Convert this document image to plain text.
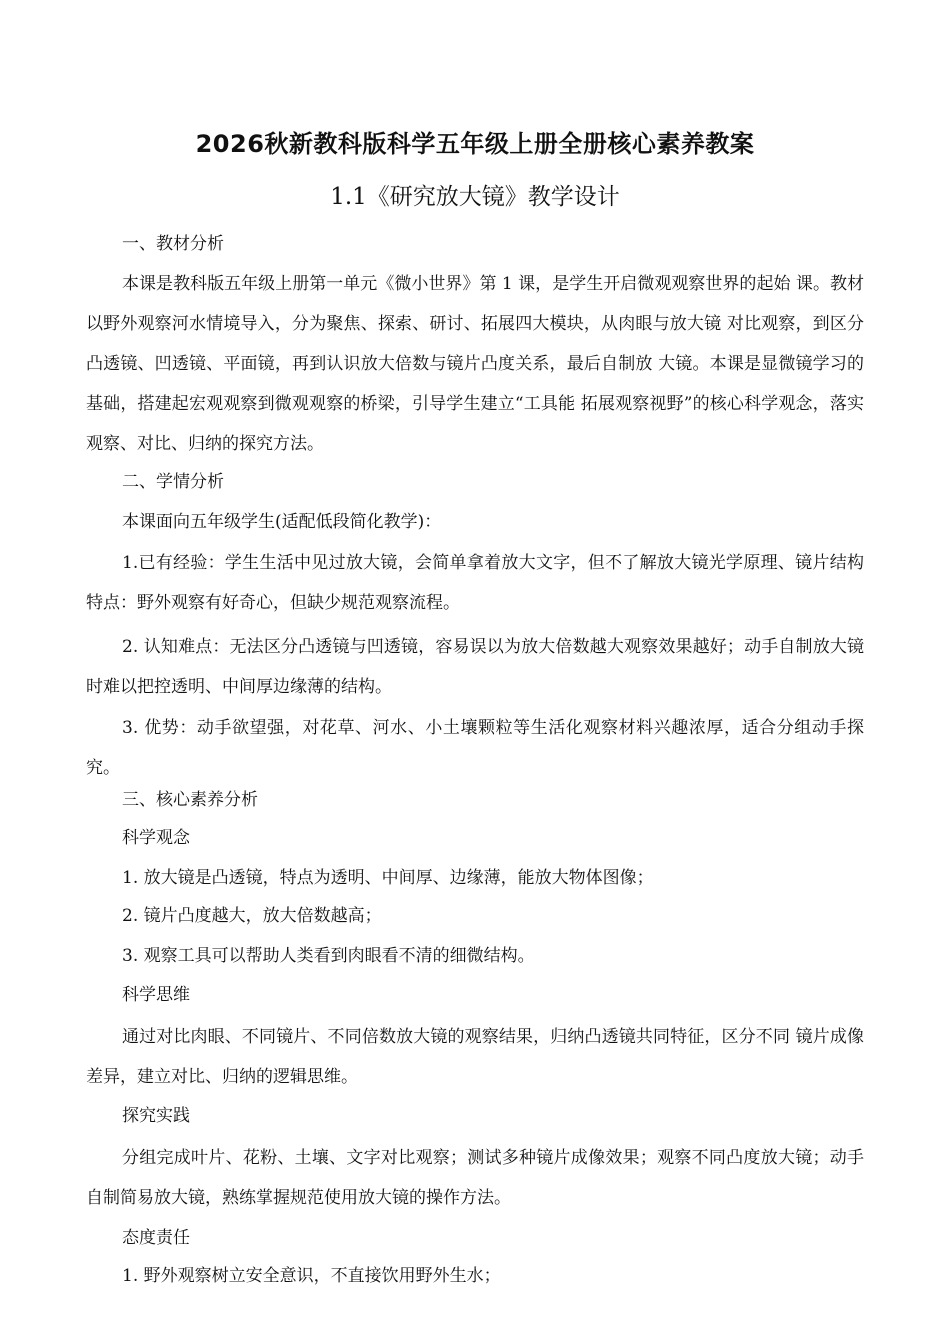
2026秋新教科版科学五年级上册全册核心素养教案
1.1《研究放大镜》教学设计
一、教材分析
本课是教科版五年级上册第一单元《微小世界》第 1 课，是学生开启微观观察世界的起始 课。教材以野外观察河水情境导入，分为聚焦、探索、研讨、拓展四大模块，从肉眼与放大镜 对比观察，到区分凸透镜、凹透镜、平面镜，再到认识放大倍数与镜片凸度关系，最后自制放 大镜。本课是显微镜学习的基础，搭建起宏观观察到微观观察的桥梁，引导学生建立“工具能 拓展观察视野”的核心科学观念，落实观察、对比、归纳的探究方法。
二、学情分析
本课面向五年级学生(适配低段简化教学)：
1.已有经验：学生生活中见过放大镜，会简单拿着放大文字，但不了解放大镜光学原理、镜片结构特点：野外观察有好奇心，但缺少规范观察流程。
2. 认知难点：无法区分凸透镜与凹透镜，容易误以为放大倍数越大观察效果越好；动手自制放大镜时难以把控透明、中间厚边缘薄的结构。
3. 优势：动手欲望强，对花草、河水、小土壤颗粒等生活化观察材料兴趣浓厚，适合分组动手探究。
三、核心素养分析
科学观念
1. 放大镜是凸透镜，特点为透明、中间厚、边缘薄，能放大物体图像；
2. 镜片凸度越大，放大倍数越高；
3. 观察工具可以帮助人类看到肉眼看不清的细微结构。
科学思维
通过对比肉眼、不同镜片、不同倍数放大镜的观察结果，归纳凸透镜共同特征，区分不同 镜片成像差异，建立对比、归纳的逻辑思维。
探究实践
分组完成叶片、花粉、土壤、文字对比观察；测试多种镜片成像效果；观察不同凸度放大镜；动手自制简易放大镜，熟练掌握规范使用放大镜的操作方法。
态度责任
1. 野外观察树立安全意识，不直接饮用野外生水；
